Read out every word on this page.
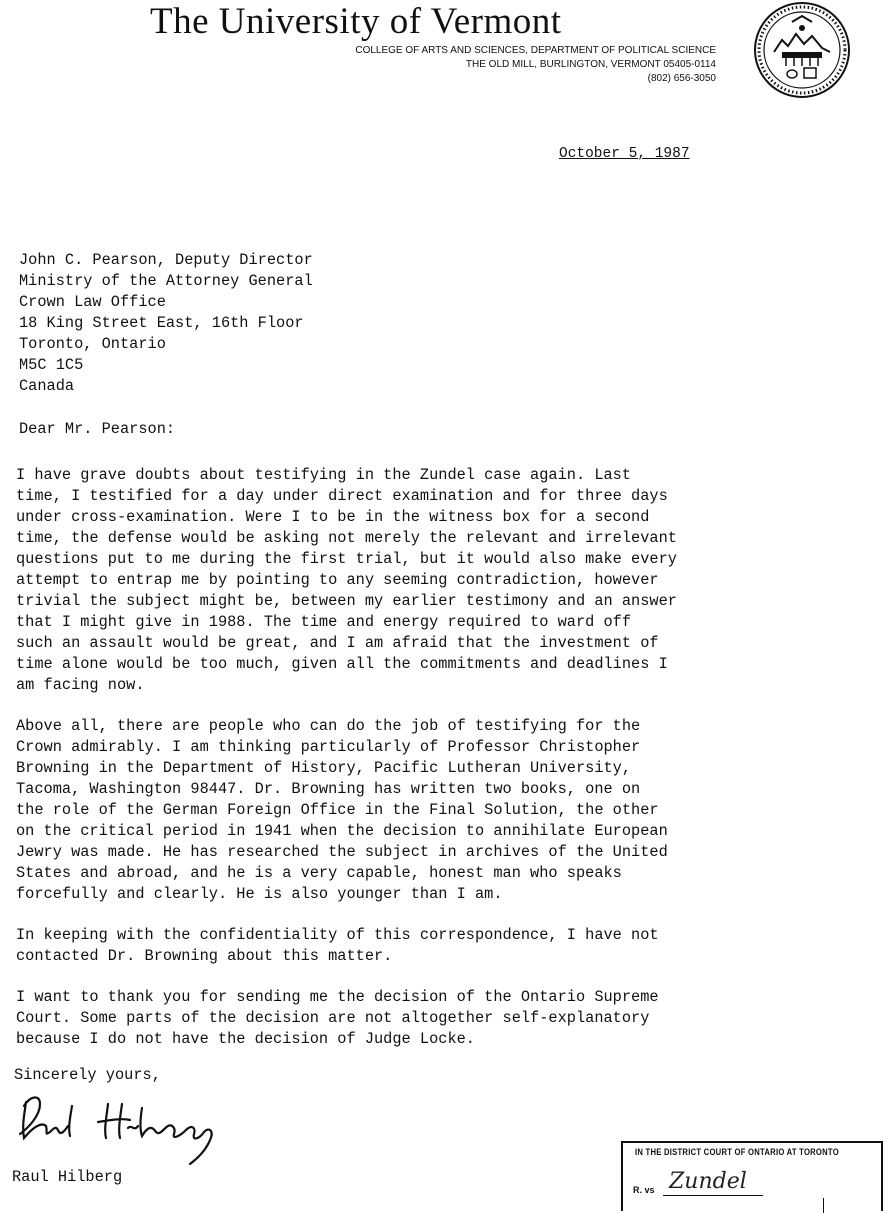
The University of Vermont
COLLEGE OF ARTS AND SCIENCES, DEPARTMENT OF POLITICAL SCIENCE
THE OLD MILL, BURLINGTON, VERMONT 05405-0114
(802) 656-3050
October 5, 1987
John C. Pearson, Deputy Director
Ministry of the Attorney General
Crown Law Office
18 King Street East, 16th Floor
Toronto, Ontario
M5C 1C5
Canada
Dear Mr. Pearson:
I have grave doubts about testifying in the Zundel case again. Last
time, I testified for a day under direct examination and for three days
under cross-examination. Were I to be in the witness box for a second
time, the defense would be asking not merely the relevant and irrelevant
questions put to me during the first trial, but it would also make every
attempt to entrap me by pointing to any seeming contradiction, however
trivial the subject might be, between my earlier testimony and an answer
that I might give in 1988. The time and energy required to ward off
such an assault would be great, and I am afraid that the investment of
time alone would be too much, given all the commitments and deadlines I
am facing now.
Above all, there are people who can do the job of testifying for the
Crown admirably. I am thinking particularly of Professor Christopher
Browning in the Department of History, Pacific Lutheran University,
Tacoma, Washington 98447. Dr. Browning has written two books, one on
the role of the German Foreign Office in the Final Solution, the other
on the critical period in 1941 when the decision to annihilate European
Jewry was made. He has researched the subject in archives of the United
States and abroad, and he is a very capable, honest man who speaks
forcefully and clearly. He is also younger than I am.
In keeping with the confidentiality of this correspondence, I have not
contacted Dr. Browning about this matter.
I want to thank you for sending me the decision of the Ontario Supreme
Court. Some parts of the decision are not altogether self-explanatory
because I do not have the decision of Judge Locke.
Sincerely yours,
Raul Hilberg
IN THE DISTRICT COURT OF ONTARIO AT TORONTO
R. vs Zundel
